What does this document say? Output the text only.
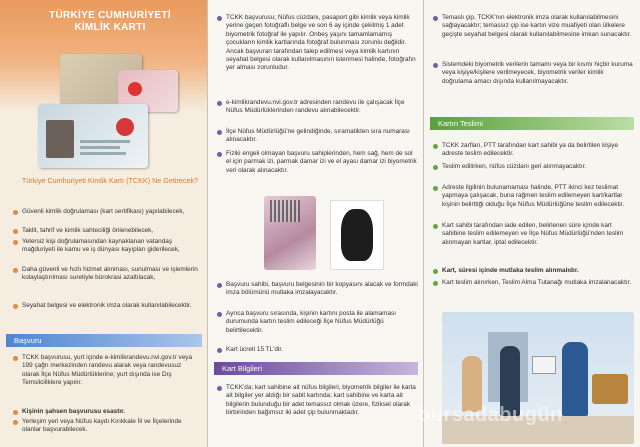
TÜRKİYE CUMHURİYETİ KİMLİK KARTI
Türkiye Cumhuriyeti Kimlik Kartı (TCKK) Ne Getirecek?
Güvenli kimlik doğrulaması (kart sertifikası) yapılabilecek,
Taklit, tahrif ve kimlik sahteciliği önlenebilecek,
Yetersiz kişi doğrulamasından kaynaklanan vatandaş mağduriyeti ile kamu ve iş dünyası kayıpları giderilecek,
Daha güvenli ve hızlı hizmet alınması, sunulması ve işlemlerin kolaylaştırılması suretiyle bürokrasi azaltılacak,
Seyahat belgesi ve elektronik imza olarak kullanılabilecektir.
Başvuru
TCKK başvurusu, yurt içinde e-kimlikrandevu.nvi.gov.tr veya 199 çağrı merkezinden randevu alarak veya randevusuz olarak İlçe Nüfus Müdürlüklerine; yurt dışında ise Dış Temsilciliklere yapılır.
Kişinin şahsen başvurusu esastır.
Yerleşim yeri veya Nüfus kaydı Kırıkkale İli ve İlçelerinde olanlar başvurabilecek.
TCKK başvurusu; Nüfus cüzdanı, pasaport gibi kimlik veya kimlik yerine geçen fotoğraflı belge ve son 6 ay içinde çekilmiş 1 adet biyometrik fotoğraf ile yapılır. Onbeş yaşını tamamlamamış çocukların kimlik kartlarında fotoğraf bulunması zorunlu değildir. Ancak başvuran tarafından talep edilmesi veya kimlik kartının seyahat belgesi olarak kullanılmasının istenmesi halinde, fotoğrafın yer alması zorunludur.
e-kimlikrandevu.nvi.gov.tr adresinden randevu ile çalışacak İlçe Nüfus Müdürlüklerinden randevu alınabilecektir.
İlçe Nüfus Müdürlüğü'ne gelindiğinde, sıramatikten sıra numarası alınacaktır.
Fiziki engeli olmayan başvuru sahiplerinden, hem sağ, hem de sol el için parmak izi, parmak damar izi ve el ayası damar izi biyometrik veri olarak alınacaktır.
Başvuru sahibi, başvuru belgesinin bir kopyasını alacak ve formdaki imza bölümünü mutlaka imzalayacaktır.
Ayrıca başvuru sırasında, kişinin kartını posta ile alamaması durumunda kartın teslim edileceği İlçe Nüfus Müdürlüğü belirtilecektir.
Kart ücreti 15 TL'dir.
Kart Bilgileri
TCKK'da; kart sahibine ait nüfus bilgileri, biyometrik bilgiler ile karta ait bilgiler yer aldığı bir sabit kartında; kart sahibine ve karta ait bilgilerin bulunduğu bir adet temassız olmak üzere, fiziksel olarak birbirinden bağımsız iki adet çip bulunmaktadır.
Temaslı çip, TCKK'nın elektronik imza olarak kullanılabilmesini sağlayacaktır; temassız çip ise kartın vize muafiyeti olan ülkelere geçişte seyahat belgesi olarak kullanılabilmesine imkan sunacaktır.
Sistemdeki biyometrik verilerin tamamı veya bir kısmı hiçbir kuruma veya kişiye/kişilere verilmeyecek, biyometrik veriler kimlik doğrulama amacı dışında kullanılmayacaktır.
Kartın Teslimi
TCKK zarfları, PTT tarafından kart sahibi ya da belirtilen kişiye adreste teslim edilecektir.
Teslim edilirken, nüfus cüzdanı geri alınmayacaktır.
Adreste ilgilinin bulunamaması halinde, PTT ikinci kez teslimat yapmaya çalışacak, buna rağmen teslim edilemeyen kart/kartlar kişinin belirttiği olduğu İlçe Nüfus Müdürlüğüne teslim edilecektir.
Kart sahibi tarafından iade edilen, belirlenen süre içinde kart sahibine teslim edilemeyen ve İlçe Nüfus Müdürlüğü'nden teslim alınmayan kartlar, iptal edilecektir.
Kart, süresi içinde mutlaka teslim alınmalıdır.
Kart teslim alınırken, Teslim Alma Tutanağı mutlaka imzalanacaktır.
bursadabugün
